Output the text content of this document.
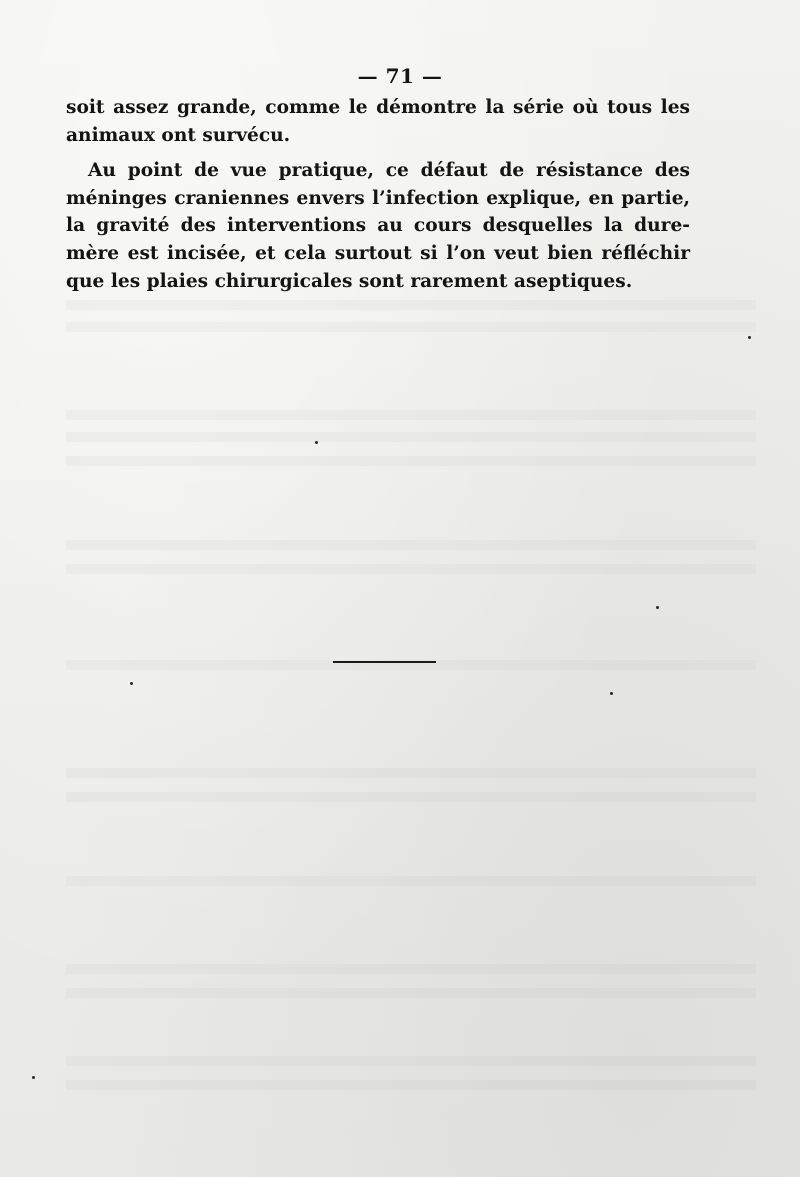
— 71 —

soit assez grande, comme le démontre la série où tous les animaux ont survécu.

Au point de vue pratique, ce défaut de résistance des méninges craniennes envers l’infection explique, en partie, la gravité des interventions au cours desquelles la dure-mère est incisée, et cela surtout si l’on veut bien réfléchir que les plaies chirurgicales sont rarement aseptiques.
